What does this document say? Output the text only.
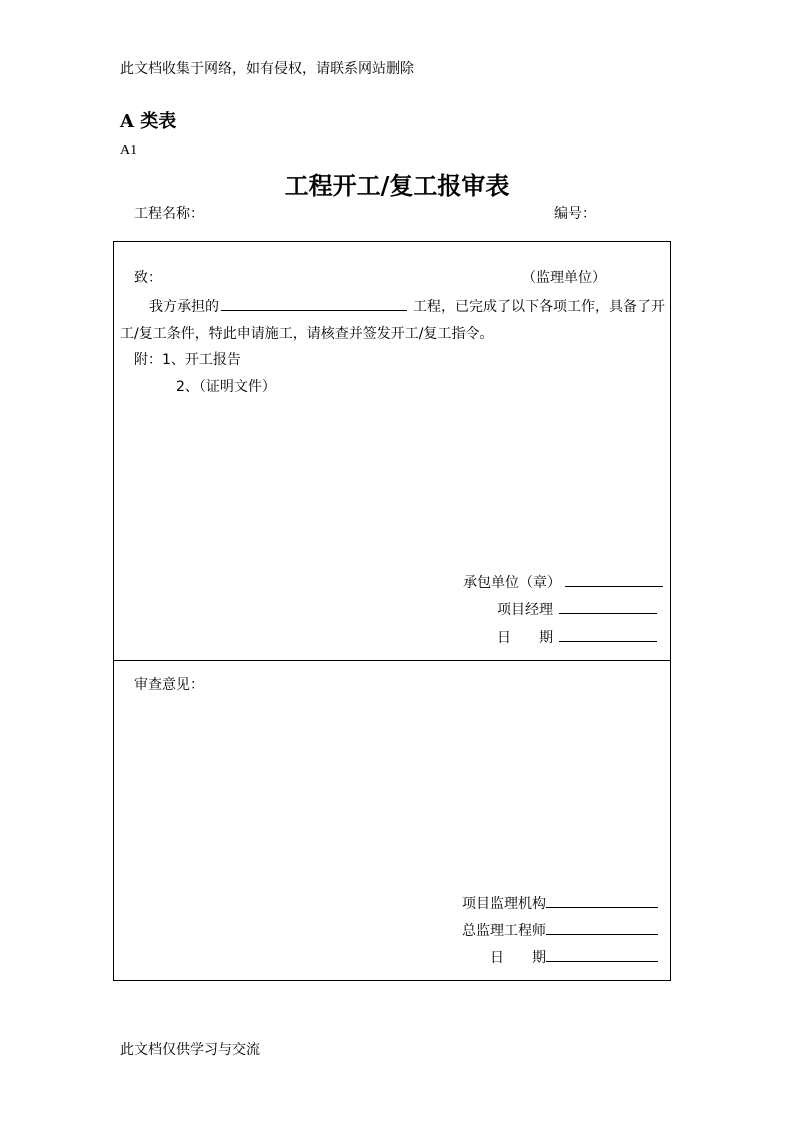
此文档收集于网络，如有侵权，请联系网站删除
A 类表
A1
工程开工/复工报审表
工程名称：	编号：
致：	（监理单位）
我方承担的	工程，已完成了以下各项工作，具备了开
工/复工条件，特此申请施工，请核查并签发开工/复工指令。
附：1、开工报告
2、（证明文件）
承包单位（章）
项目经理
日　　期
审查意见：
项目监理机构
总监理工程师
日　　期
此文档仅供学习与交流
